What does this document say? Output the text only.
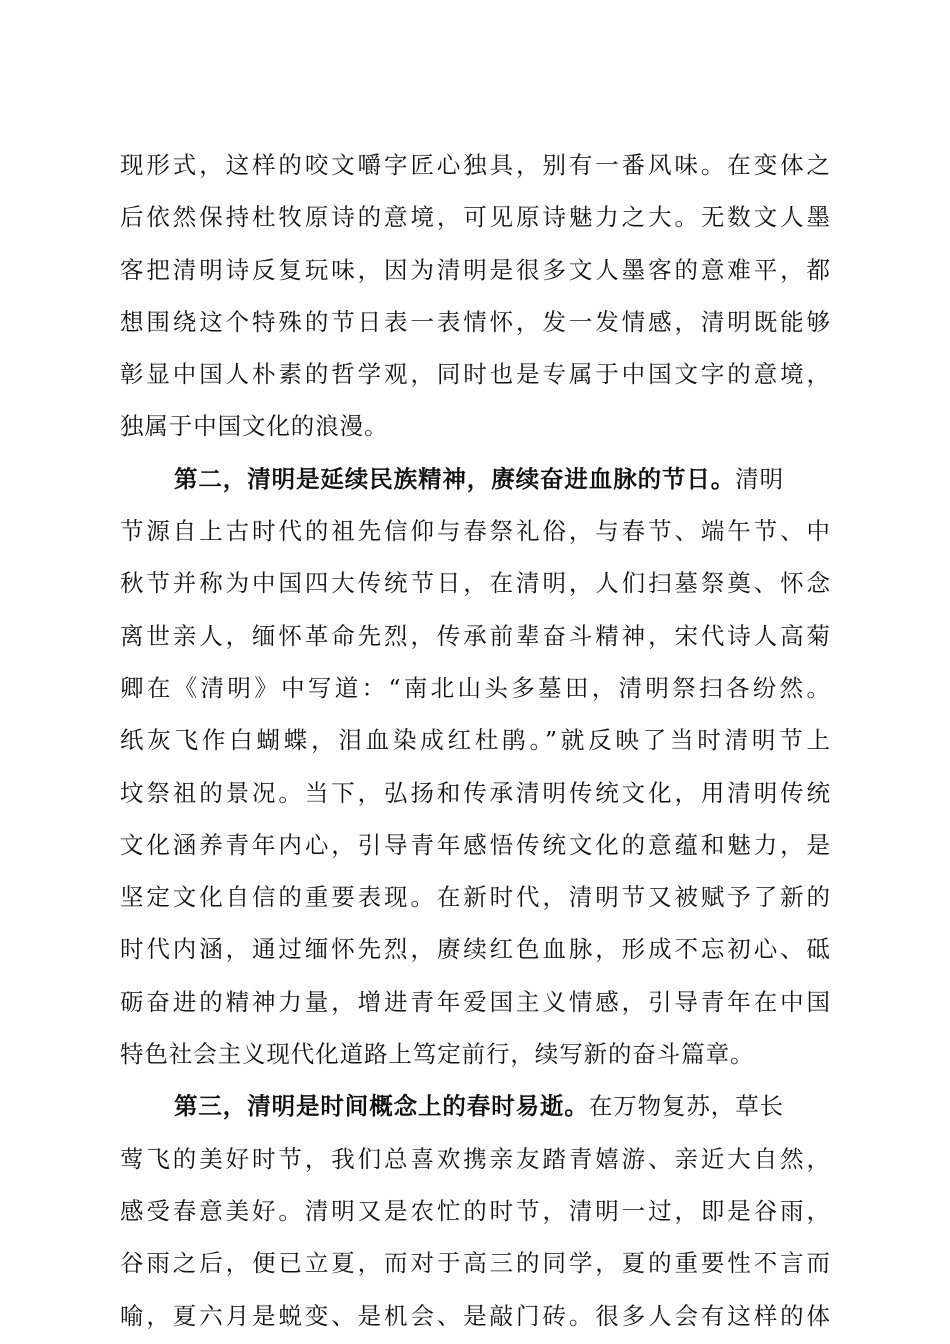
现形式，这样的咬文嚼字匠心独具，别有一番风味。在变体之
后依然保持杜牧原诗的意境，可见原诗魅力之大。无数文人墨
客把清明诗反复玩味，因为清明是很多文人墨客的意难平，都
想围绕这个特殊的节日表一表情怀，发一发情感，清明既能够
彰显中国人朴素的哲学观，同时也是专属于中国文字的意境，
独属于中国文化的浪漫。
第二，清明是延续民族精神，赓续奋进血脉的节日。清明
节源自上古时代的祖先信仰与春祭礼俗，与春节、端午节、中
秋节并称为中国四大传统节日，在清明，人们扫墓祭奠、怀念
离世亲人，缅怀革命先烈，传承前辈奋斗精神，宋代诗人高菊
卿在《清明》中写道：“南北山头多墓田，清明祭扫各纷然。
纸灰飞作白蝴蝶，泪血染成红杜鹃。”就反映了当时清明节上
坟祭祖的景况。当下，弘扬和传承清明传统文化，用清明传统
文化涵养青年内心，引导青年感悟传统文化的意蕴和魅力，是
坚定文化自信的重要表现。在新时代，清明节又被赋予了新的
时代内涵，通过缅怀先烈，赓续红色血脉，形成不忘初心、砥
砺奋进的精神力量，增进青年爱国主义情感，引导青年在中国
特色社会主义现代化道路上笃定前行，续写新的奋斗篇章。
第三，清明是时间概念上的春时易逝。在万物复苏，草长
莺飞的美好时节，我们总喜欢携亲友踏青嬉游、亲近大自然，
感受春意美好。清明又是农忙的时节，清明一过，即是谷雨，
谷雨之后，便已立夏，而对于高三的同学，夏的重要性不言而
喻，夏六月是蜕变、是机会、是敲门砖。很多人会有这样的体
